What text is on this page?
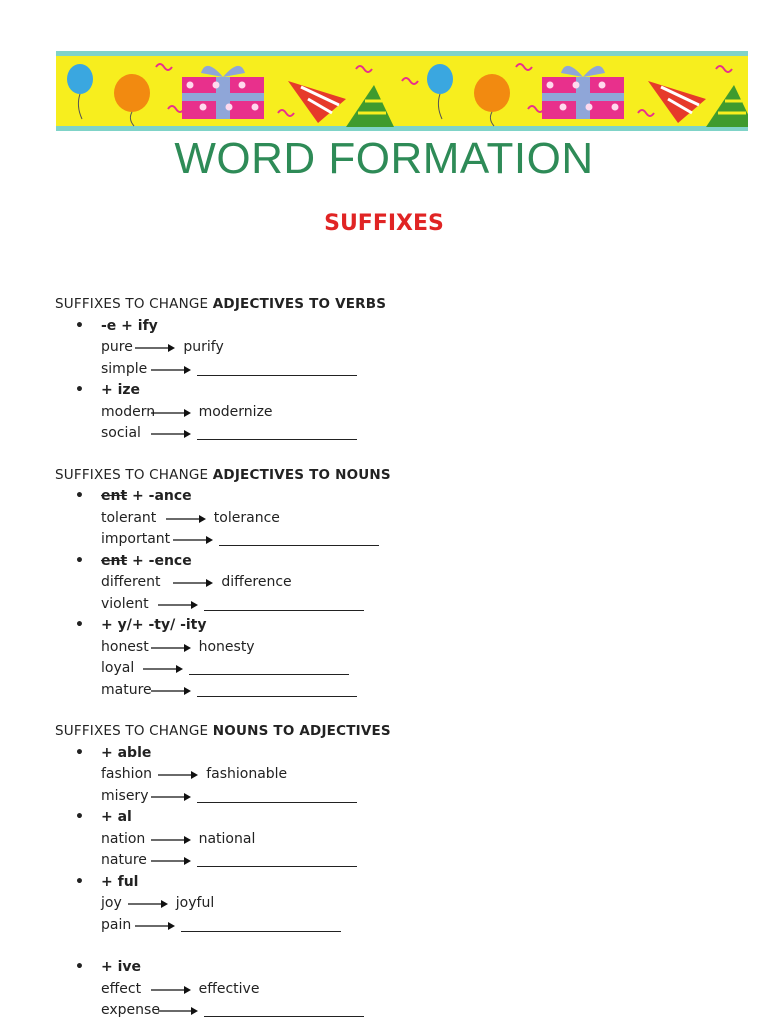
WORD FORMATION
SUFFIXES
SUFFIXES TO CHANGE ADJECTIVES TO VERBS
• -e + ify
pure	purify
simple
• + ize
modern	modernize
social
SUFFIXES TO CHANGE ADJECTIVES TO NOUNS
• ent + -ance
tolerant	tolerance
important
• ent + -ence
different	difference
violent
• + y/+ -ty/ -ity
honest	honesty
loyal
mature
SUFFIXES TO CHANGE NOUNS TO ADJECTIVES
• + able
fashion	fashionable
misery
• + al
nation	national
nature
• + ful
joy	joyful
pain
• + ive
effect	effective
expense
